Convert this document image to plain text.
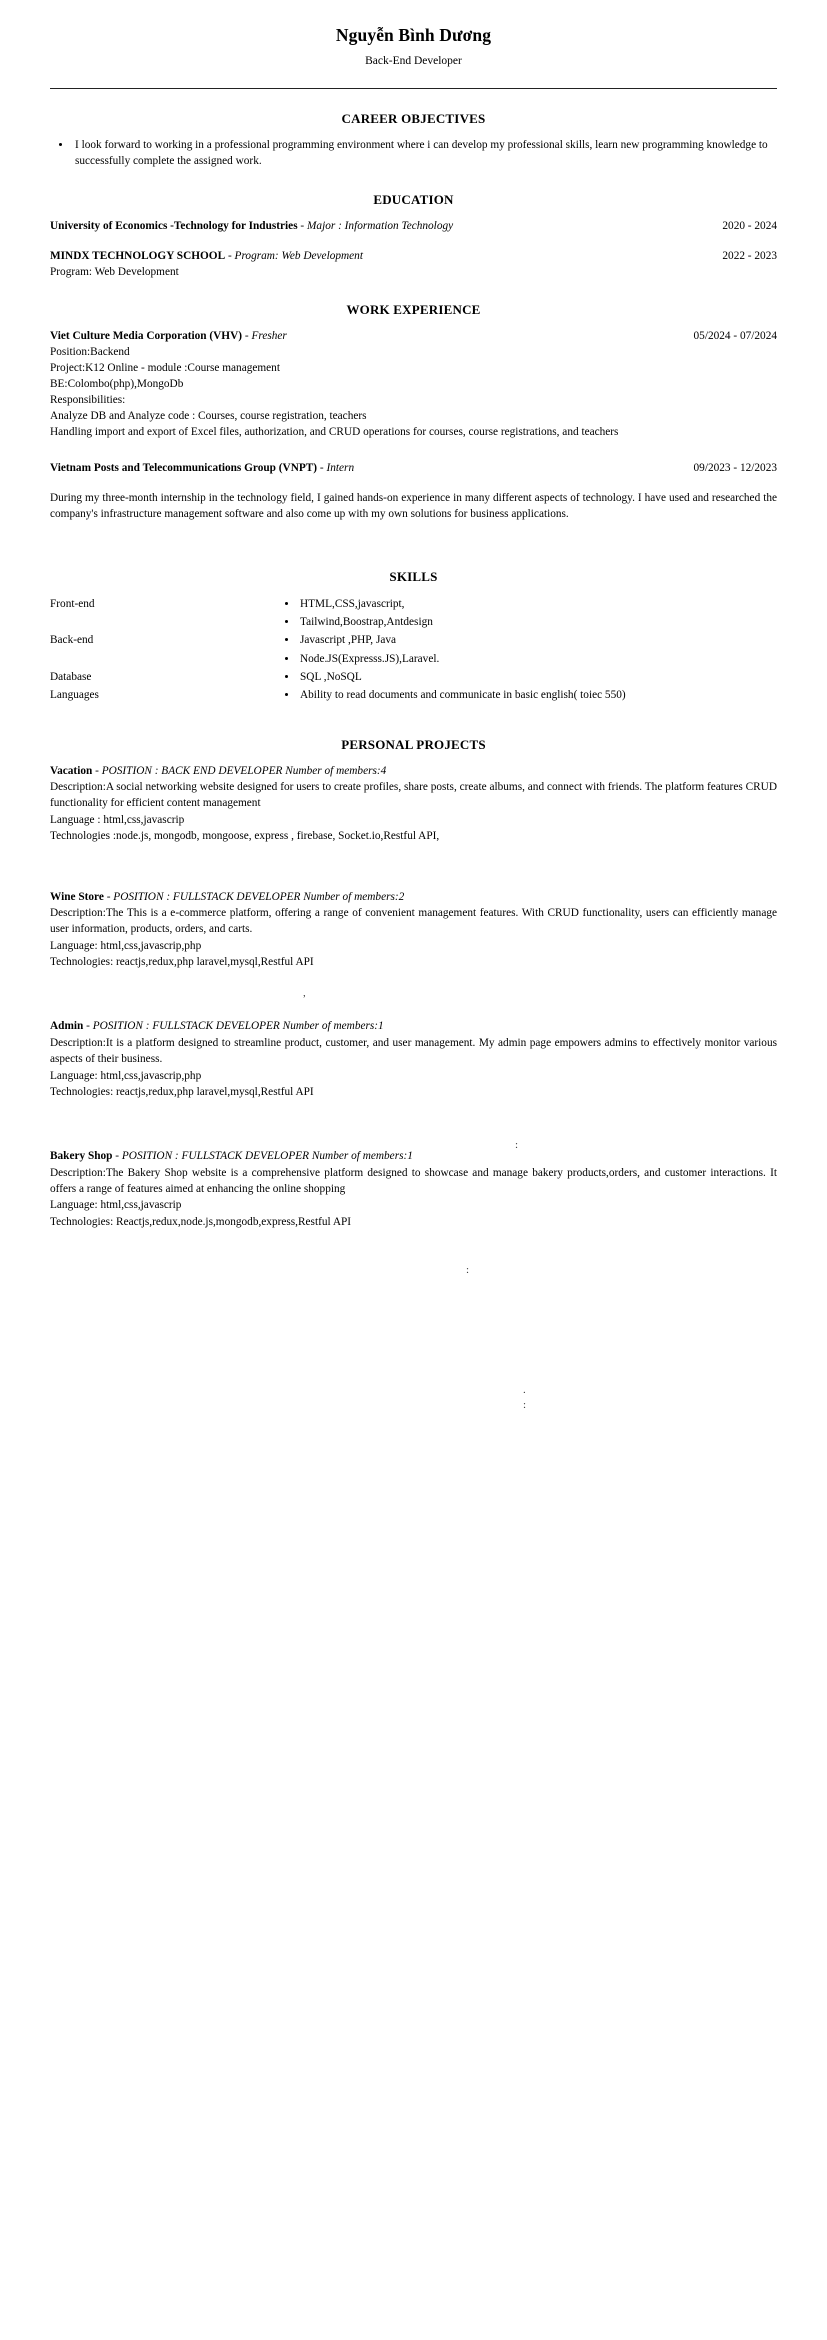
Nguyễn Bình Dương
Back-End Developer
CAREER OBJECTIVES
• I look forward to working in a professional programming environment where i can develop my professional skills, learn new programming knowledge to successfully complete the assigned work.
EDUCATION
University of Economics -Technology for Industries - Major : Information Technology	2020 - 2024
MINDX TECHNOLOGY SCHOOL - Program: Web Development	2022 - 2023
Program: Web Development
WORK EXPERIENCE
Viet Culture Media Corporation (VHV) - Fresher	05/2024 - 07/2024
Position:Backend
Project:K12 Online - module :Course management
BE:Colombo(php),MongoDb
Responsibilities:
Analyze DB and Analyze code : Courses, course registration, teachers
Handling import and export of Excel files, authorization, and CRUD operations for courses, course registrations, and teachers
Vietnam Posts and Telecommunications Group (VNPT) - Intern	09/2023 - 12/2023
During my three-month internship in the technology field, I gained hands-on experience in many different aspects of technology. I have used and researched the company's infrastructure management software and also come up with my own solutions for business applications.
SKILLS
Front-end	• HTML,CSS,javascript,
• Tailwind,Boostrap,Antdesign
Back-end	• Javascript ,PHP, Java
• Node.JS(Expresss.JS),Laravel.
Database	• SQL ,NoSQL
Languages	• Ability to read documents and communicate in basic english( toiec 550)
PERSONAL PROJECTS
Vacation - POSITION : BACK END DEVELOPER Number of members:4
Description:A social networking website designed for users to create profiles, share posts, create albums, and connect with friends. The platform features CRUD functionality for efficient content management
Language : html,css,javascrip
Technologies :node.js, mongodb, mongoose, express , firebase, Socket.io,Restful API,
Wine Store - POSITION : FULLSTACK DEVELOPER Number of members:2
Description:The This is a e-commerce platform, offering a range of convenient management features. With CRUD functionality, users can efficiently manage user information, products, orders, and carts.
Language: html,css,javascrip,php
Technologies: reactjs,redux,php laravel,mysql,Restful API
Admin - POSITION : FULLSTACK DEVELOPER Number of members:1
Description:It is a platform designed to streamline product, customer, and user management. My admin page empowers admins to effectively monitor various aspects of their business.
Language: html,css,javascrip,php
Technologies: reactjs,redux,php laravel,mysql,Restful API
Bakery Shop - POSITION : FULLSTACK DEVELOPER Number of members:1
Description:The Bakery Shop website is a comprehensive platform designed to showcase and manage bakery products,orders, and customer interactions. It offers a range of features aimed at enhancing the online shopping
Language: html,css,javascrip
Technologies: Reactjs,redux,node.js,mongodb,express,Restful API
,
:
:
.
:
